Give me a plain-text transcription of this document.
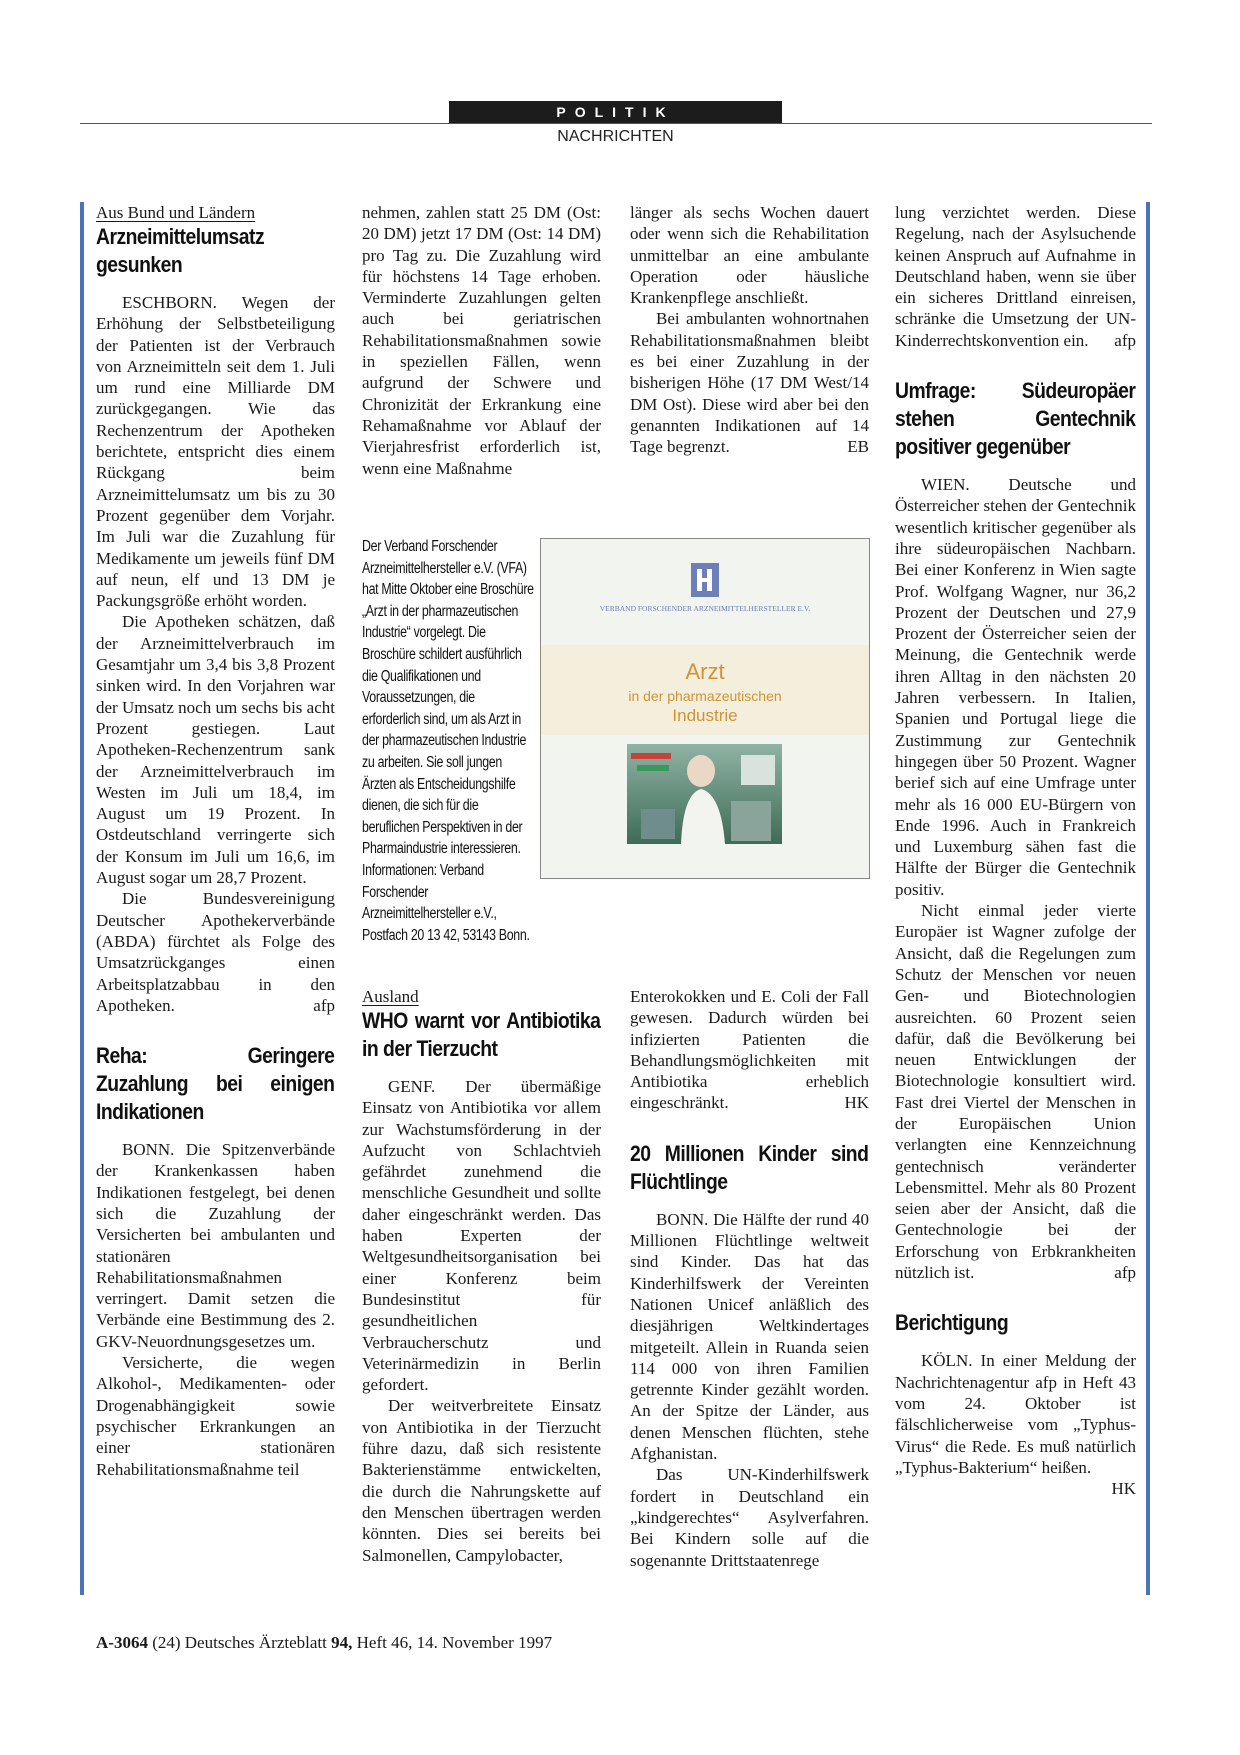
POLITIK
NACHRICHTEN

Aus Bund und Ländern

Arzneimittelumsatz gesunken

ESCHBORN. Wegen der Erhöhung der Selbstbeteiligung der Patienten ist der Verbrauch von Arzneimitteln seit dem 1. Juli um rund eine Milliarde DM zurückgegangen. Wie das Rechenzentrum der Apotheken berichtete, entspricht dies einem Rückgang beim Arzneimittelumsatz um bis zu 30 Prozent gegenüber dem Vorjahr. Im Juli war die Zuzahlung für Medikamente um jeweils fünf DM auf neun, elf und 13 DM je Packungsgröße erhöht worden.

Die Apotheken schätzen, daß der Arzneimittelverbrauch im Gesamtjahr um 3,4 bis 3,8 Prozent sinken wird. In den Vorjahren war der Umsatz noch um sechs bis acht Prozent gestiegen. Laut Apotheken-Rechenzentrum sank der Arzneimittelverbrauch im Westen im Juli um 18,4, im August um 19 Prozent. In Ostdeutschland verringerte sich der Konsum im Juli um 16,6, im August sogar um 28,7 Prozent.

Die Bundesvereinigung Deutscher Apothekerverbände (ABDA) fürchtet als Folge des Umsatzrückganges einen Arbeitsplatzabbau in den Apotheken.	afp

Reha: Geringere Zuzahlung bei einigen Indikationen

BONN. Die Spitzenverbände der Krankenkassen haben Indikationen festgelegt, bei denen sich die Zuzahlung der Versicherten bei ambulanten und stationären Rehabilitationsmaßnahmen verringert. Damit setzen die Verbände eine Bestimmung des 2. GKV-Neuordnungsgesetzes um.

Versicherte, die wegen Alkohol-, Medikamenten- oder Drogenabhängigkeit sowie psychischer Erkrankungen an einer stationären Rehabilitationsmaßnahme teil

nehmen, zahlen statt 25 DM (Ost: 20 DM) jetzt 17 DM (Ost: 14 DM) pro Tag zu. Die Zuzahlung wird für höchstens 14 Tage erhoben. Verminderte Zuzahlungen gelten auch bei geriatrischen Rehabilitationsmaßnahmen sowie in speziellen Fällen, wenn aufgrund der Schwere und Chronizität der Erkrankung eine Rehamaßnahme vor Ablauf der Vierjahresfrist erforderlich ist, wenn eine Maßnahme

länger als sechs Wochen dauert oder wenn sich die Rehabilitation unmittelbar an eine ambulante Operation oder häusliche Krankenpflege anschließt.

Bei ambulanten wohnortnahen Rehabilitationsmaßnahmen bleibt es bei einer Zuzahlung in der bisherigen Höhe (17 DM West/14 DM Ost). Diese wird aber bei den genannten Indikationen auf 14 Tage begrenzt.	EB

Der Verband Forschender Arzneimittelhersteller e.V. (VFA) hat Mitte Oktober eine Broschüre „Arzt in der pharmazeutischen Industrie“ vorgelegt. Die Broschüre schildert ausführlich die Qualifikationen und Voraussetzungen, die erforderlich sind, um als Arzt in der pharmazeutischen Industrie zu arbeiten. Sie soll jungen Ärzten als Entscheidungshilfe dienen, die sich für die beruflichen Perspektiven in der Pharmaindustrie interessieren. Informationen: Verband Forschender Arzneimittelhersteller e.V., Postfach 20 13 42, 53143 Bonn.
VERBAND FORSCHENDER ARZNEIMITTELHERSTELLER E.V.
Arzt
in der pharmazeutischen
Industrie

Ausland

WHO warnt vor Antibiotika in der Tierzucht

GENF. Der übermäßige Einsatz von Antibiotika vor allem zur Wachstumsförderung in der Aufzucht von Schlachtvieh gefährdet zunehmend die menschliche Gesundheit und sollte daher eingeschränkt werden. Das haben Experten der Weltgesundheitsorganisation bei einer Konferenz beim Bundesinstitut für gesundheitlichen Verbraucherschutz und Veterinärmedizin in Berlin gefordert.

Der weitverbreitete Einsatz von Antibiotika in der Tierzucht führe dazu, daß sich resistente Bakterienstämme entwickelten, die durch die Nahrungskette auf den Menschen übertragen werden könnten. Dies sei bereits bei Salmonellen, Campylobacter,

Enterokokken und E. Coli der Fall gewesen. Dadurch würden bei infizierten Patienten die Behandlungsmöglichkeiten mit Antibiotika erheblich eingeschränkt.	HK

20 Millionen Kinder sind Flüchtlinge

BONN. Die Hälfte der rund 40 Millionen Flüchtlinge weltweit sind Kinder. Das hat das Kinderhilfswerk der Vereinten Nationen Unicef anläßlich des diesjährigen Weltkindertages mitgeteilt. Allein in Ruanda seien 114 000 von ihren Familien getrennte Kinder gezählt worden. An der Spitze der Länder, aus denen Menschen flüchten, stehe Afghanistan.

Das UN-Kinderhilfswerk fordert in Deutschland ein „kindgerechtes“ Asylverfahren. Bei Kindern solle auf die sogenannte Drittstaatenrege

lung verzichtet werden. Diese Regelung, nach der Asylsuchende keinen Anspruch auf Aufnahme in Deutschland haben, wenn sie über ein sicheres Drittland einreisen, schränke die Umsetzung der UN-Kinderrechtskonvention ein. afp

Umfrage: Südeuropäer stehen Gentechnik positiver gegenüber

WIEN. Deutsche und Österreicher stehen der Gentechnik wesentlich kritischer gegenüber als ihre südeuropäischen Nachbarn. Bei einer Konferenz in Wien sagte Prof. Wolfgang Wagner, nur 36,2 Prozent der Deutschen und 27,9 Prozent der Österreicher seien der Meinung, die Gentechnik werde ihren Alltag in den nächsten 20 Jahren verbessern. In Italien, Spanien und Portugal liege die Zustimmung zur Gentechnik hingegen über 50 Prozent. Wagner berief sich auf eine Umfrage unter mehr als 16 000 EU-Bürgern von Ende 1996. Auch in Frankreich und Luxemburg sähen fast die Hälfte der Bürger die Gentechnik positiv.

Nicht einmal jeder vierte Europäer ist Wagner zufolge der Ansicht, daß die Regelungen zum Schutz der Menschen vor neuen Gen- und Biotechnologien ausreichten. 60 Prozent seien dafür, daß die Bevölkerung bei neuen Entwicklungen der Biotechnologie konsultiert wird. Fast drei Viertel der Menschen in der Europäischen Union verlangten eine Kennzeichnung gentechnisch veränderter Lebensmittel. Mehr als 80 Prozent seien aber der Ansicht, daß die Gentechnologie bei der Erforschung von Erbkrankheiten nützlich ist.	afp

Berichtigung

KÖLN. In einer Meldung der Nachrichtenagentur afp in Heft 43 vom 24. Oktober ist fälschlicherweise vom „Typhus-Virus“ die Rede. Es muß natürlich „Typhus-Bakterium“ heißen.
HK

A-3064 (24) Deutsches Ärzteblatt 94, Heft 46, 14. November 1997
